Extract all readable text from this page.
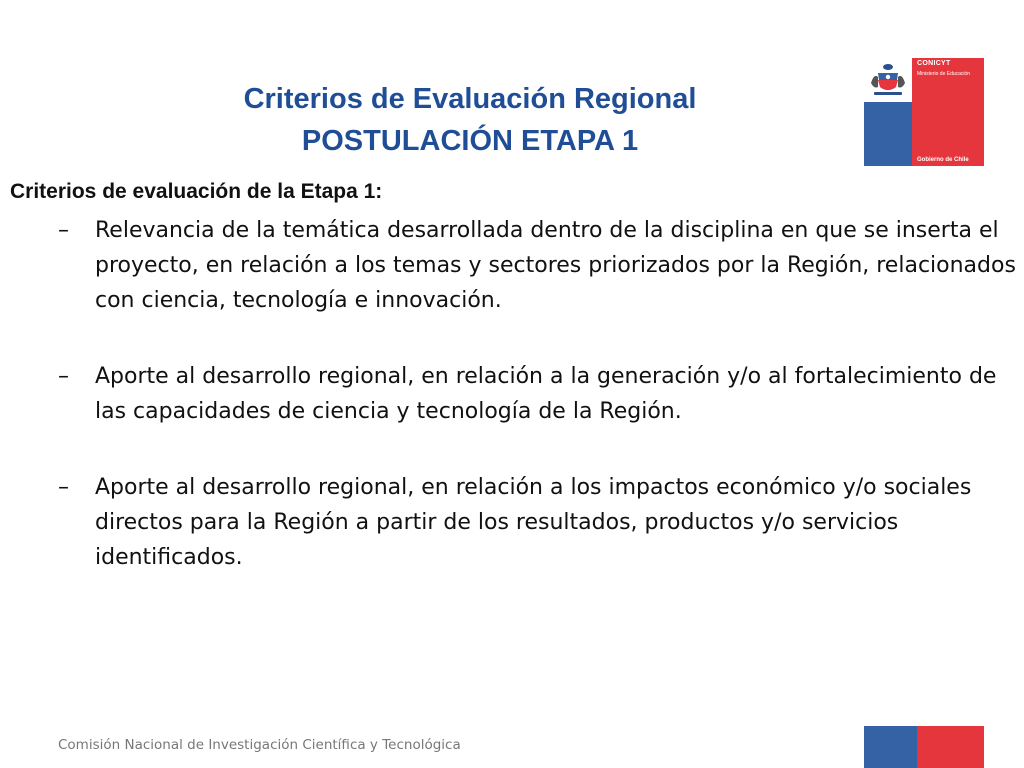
Criterios de Evaluación Regional
POSTULACIÓN ETAPA 1
CONICYT
Ministerio de Educación
Gobierno de Chile
Criterios de evaluación de la Etapa 1:
– Relevancia de la temática desarrollada dentro de la disciplina en que se inserta el proyecto, en relación a los temas y sectores priorizados por la Región, relacionados con ciencia, tecnología e innovación.
– Aporte al desarrollo regional, en relación a la generación y/o al fortalecimiento de las capacidades de ciencia y tecnología de la Región.
– Aporte al desarrollo regional, en relación a los impactos económico y/o sociales directos para la Región a partir de los resultados, productos y/o servicios identificados.
Comisión Nacional de Investigación Científica y Tecnológica
